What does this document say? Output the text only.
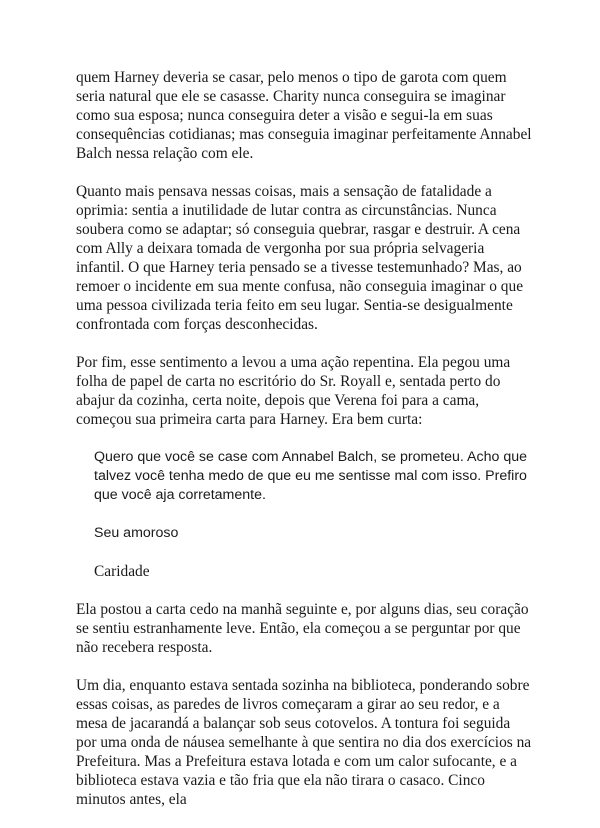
quem Harney deveria se casar, pelo menos o tipo de garota com quem seria natural que ele se casasse. Charity nunca conseguira se imaginar como sua esposa; nunca conseguira deter a visão e segui-la em suas consequências cotidianas; mas conseguia imaginar perfeitamente Annabel Balch nessa relação com ele.

Quanto mais pensava nessas coisas, mais a sensação de fatalidade a oprimia: sentia a inutilidade de lutar contra as circunstâncias. Nunca soubera como se adaptar; só conseguia quebrar, rasgar e destruir. A cena com Ally a deixara tomada de vergonha por sua própria selvageria infantil. O que Harney teria pensado se a tivesse testemunhado? Mas, ao remoer o incidente em sua mente confusa, não conseguia imaginar o que uma pessoa civilizada teria feito em seu lugar. Sentia-se desigualmente confrontada com forças desconhecidas.

Por fim, esse sentimento a levou a uma ação repentina. Ela pegou uma folha de papel de carta no escritório do Sr. Royall e, sentada perto do abajur da cozinha, certa noite, depois que Verena foi para a cama, começou sua primeira carta para Harney. Era bem curta:

Quero que você se case com Annabel Balch, se prometeu. Acho que talvez você tenha medo de que eu me sentisse mal com isso. Prefiro que você aja corretamente.

Seu amoroso

Caridade

Ela postou a carta cedo na manhã seguinte e, por alguns dias, seu coração se sentiu estranhamente leve. Então, ela começou a se perguntar por que não recebera resposta.

Um dia, enquanto estava sentada sozinha na biblioteca, ponderando sobre essas coisas, as paredes de livros começaram a girar ao seu redor, e a mesa de jacarandá a balançar sob seus cotovelos. A tontura foi seguida por uma onda de náusea semelhante à que sentira no dia dos exercícios na Prefeitura. Mas a Prefeitura estava lotada e com um calor sufocante, e a biblioteca estava vazia e tão fria que ela não tirara o casaco. Cinco minutos antes, ela
